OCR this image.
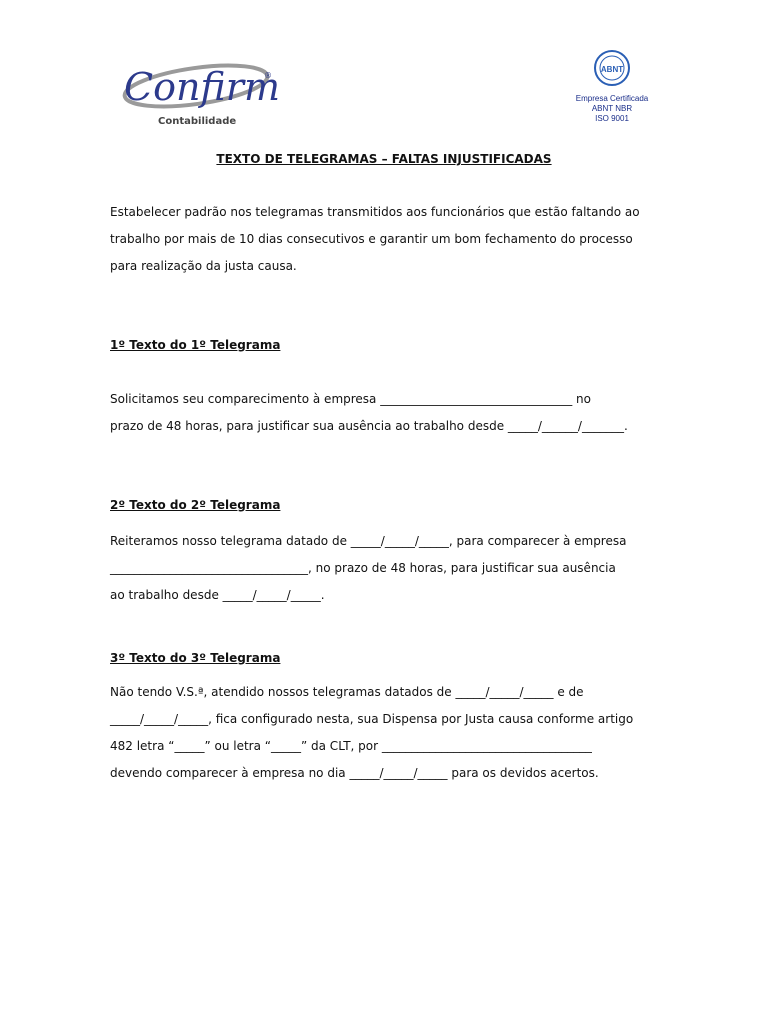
Confirm
®
Contabilidade
ABNT
Empresa Certificada
ABNT NBR
ISO 9001
TEXTO DE TELEGRAMAS – FALTAS INJUSTIFICADAS
Estabelecer padrão nos telegramas transmitidos aos funcionários que estão faltando ao
trabalho por mais de 10 dias consecutivos e garantir um bom fechamento do processo
para realização da justa causa.
1º Texto do 1º Telegrama
Solicitamos seu comparecimento à empresa ________________________________ no
prazo de 48 horas, para justificar sua ausência ao trabalho desde _____/______/_______.
2º Texto do 2º Telegrama
Reiteramos nosso telegrama datado de _____/_____/_____, para comparecer à empresa
_________________________________, no prazo de 48 horas, para justificar sua ausência
ao trabalho desde _____/_____/_____.
3º Texto do 3º Telegrama
Não tendo V.S.ª, atendido nossos telegramas datados de _____/_____/_____ e de
_____/_____/_____, fica configurado nesta, sua Dispensa por Justa causa conforme artigo
482 letra “_____” ou letra “_____” da CLT, por ___________________________________
devendo comparecer à empresa no dia _____/_____/_____ para os devidos acertos.
